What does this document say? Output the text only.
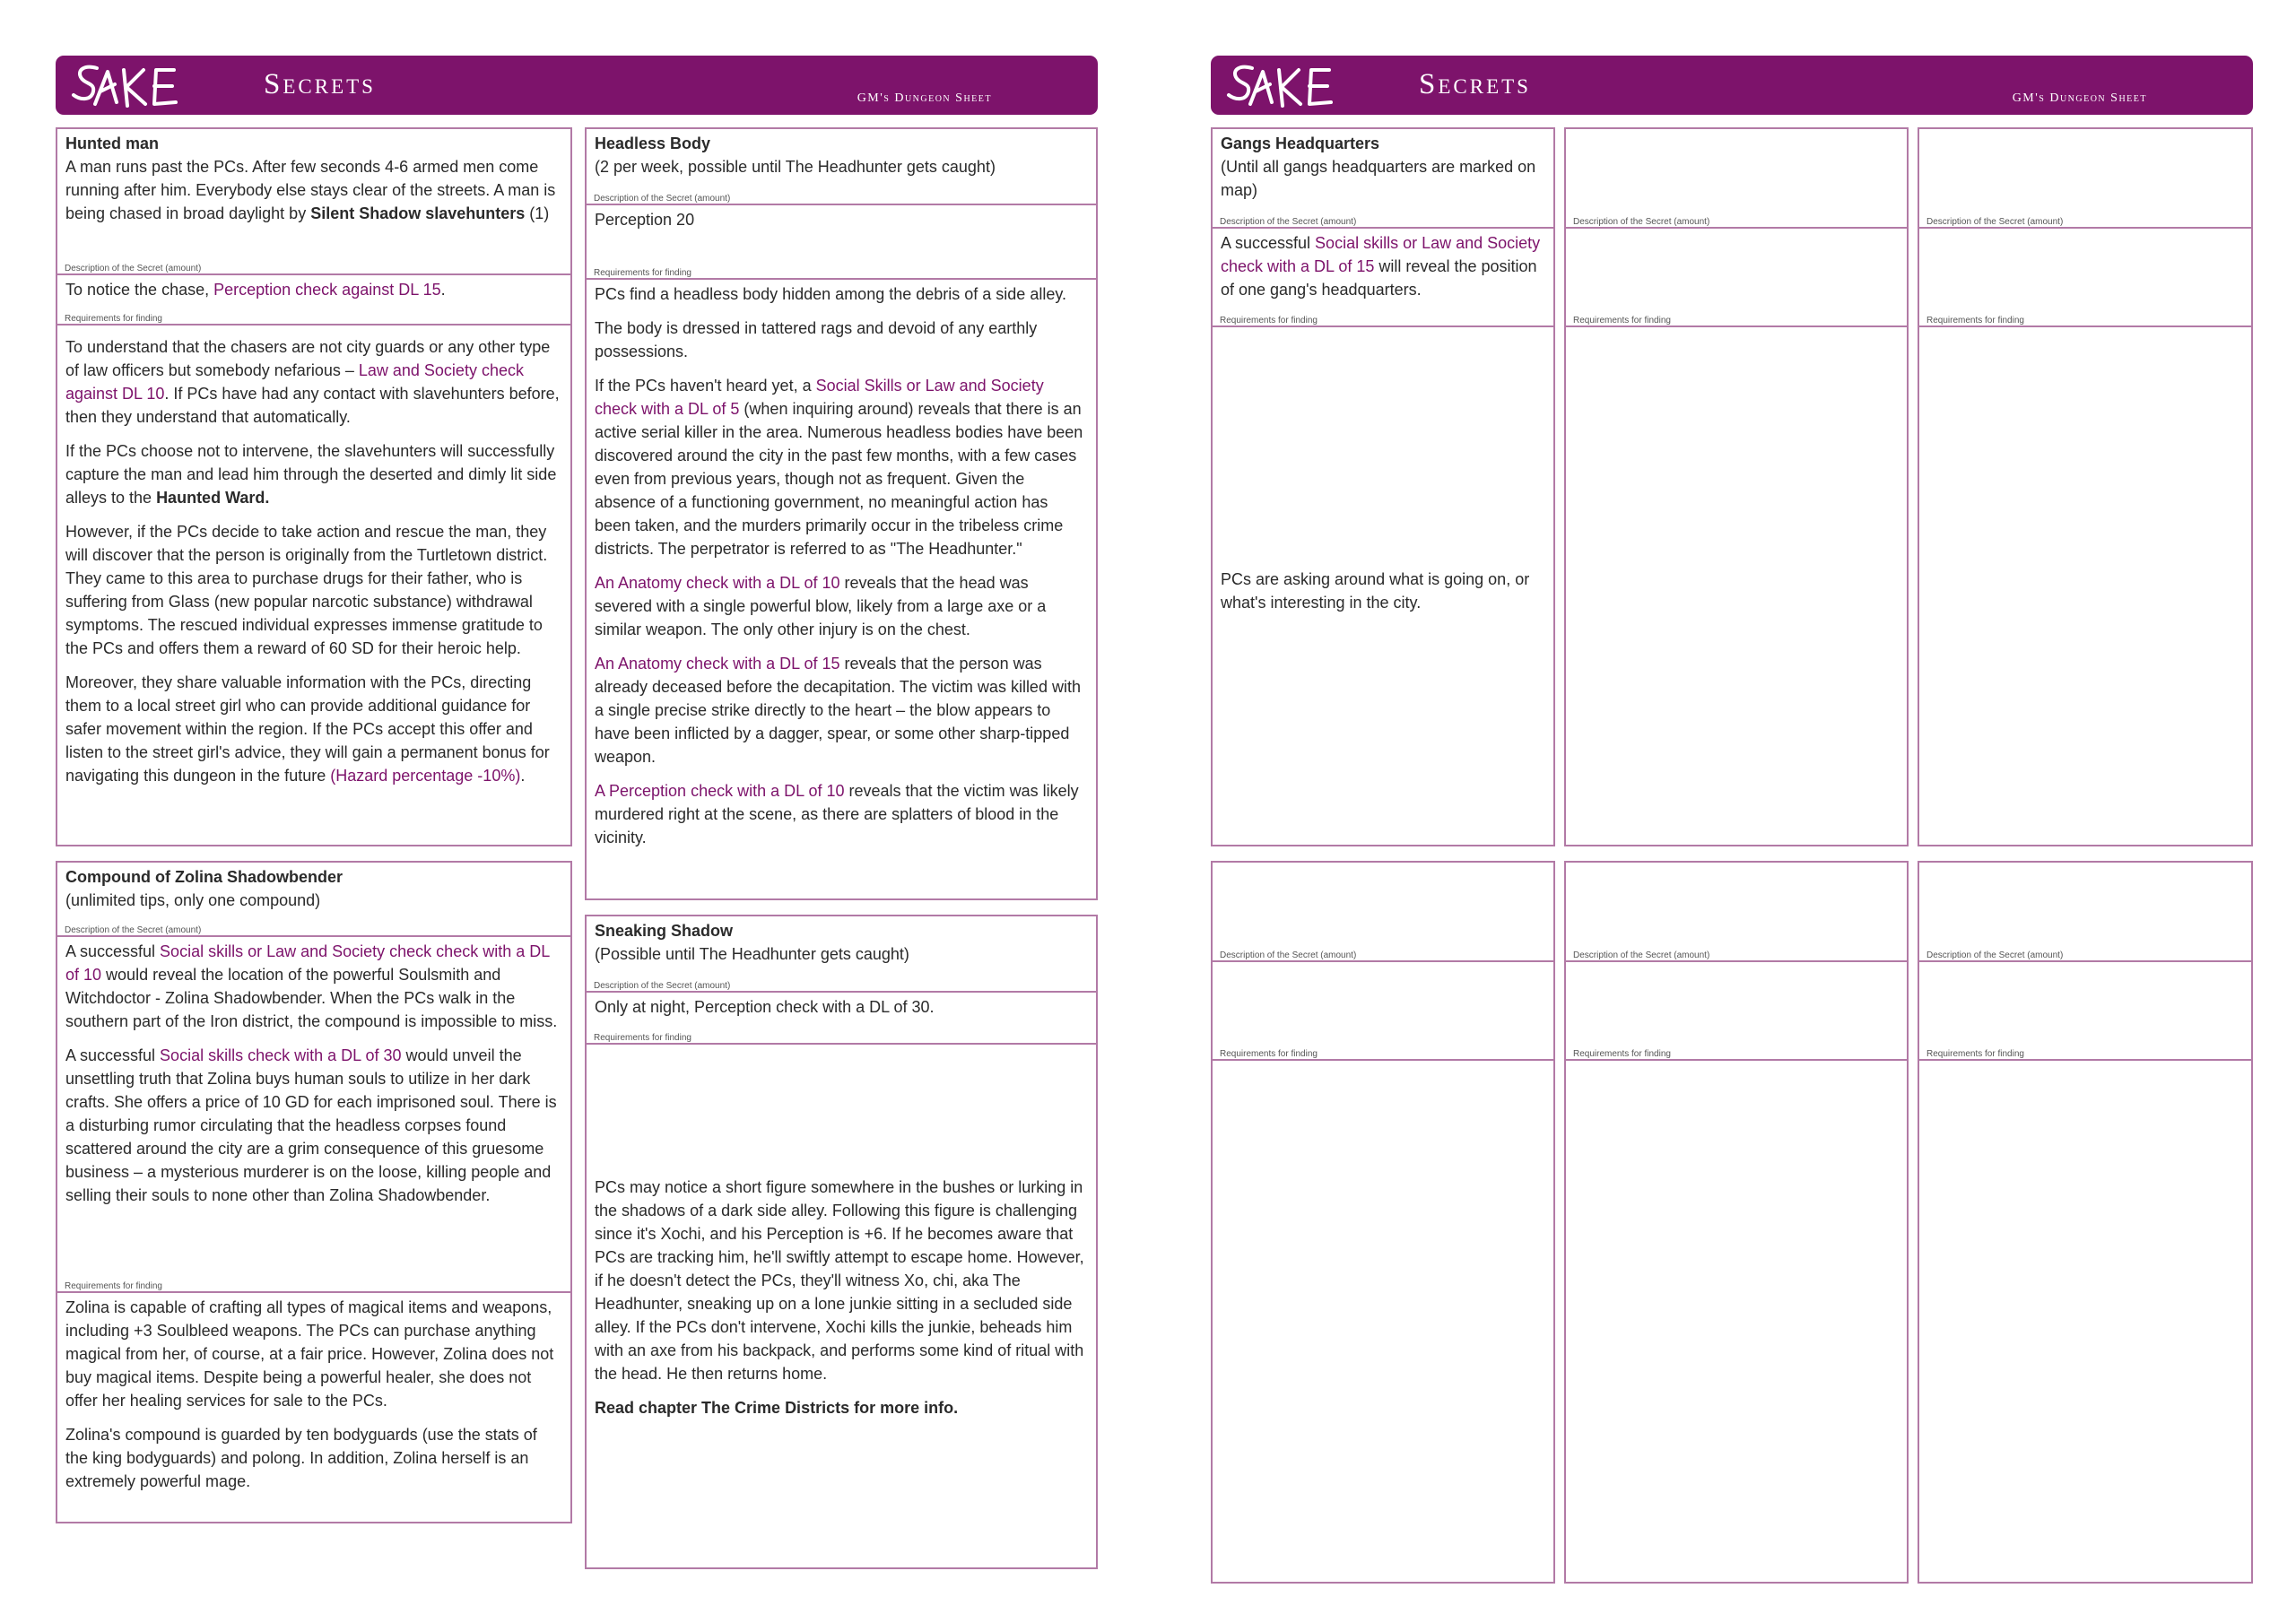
Secrets	GM's Dungeon Sheet
Hunted man
A man runs past the PCs. After few seconds 4-6 armed men come running after him. Everybody else stays clear of the streets. A man is being chased in broad daylight by Silent Shadow slavehunters (1)
Description of the Secret (amount)
To notice the chase, Perception check against DL 15.
Requirements for finding

To understand that the chasers are not city guards or any other type of law officers but somebody nefarious – Law and Society check against DL 10. If PCs have had any contact with slavehunters before, then they understand that automatically.

If the PCs choose not to intervene, the slavehunters will successfully capture the man and lead him through the deserted and dimly lit side alleys to the Haunted Ward.

However, if the PCs decide to take action and rescue the man, they will discover that the person is originally from the Turtletown district. They came to this area to purchase drugs for their father, who is suffering from Glass (new popular narcotic substance) withdrawal symptoms. The rescued individual expresses immense gratitude to the PCs and offers them a reward of 60 SD for their heroic help.

Moreover, they share valuable information with the PCs, directing them to a local street girl who can provide additional guidance for safer movement within the region. If the PCs accept this offer and listen to the street girl's advice, they will gain a permanent bonus for navigating this dungeon in the future (Hazard percentage -10%).

Compound of Zolina Shadowbender
(unlimited tips, only one compound)
Description of the Secret (amount)

A successful Social skills or Law and Society check check with a DL of 10 would reveal the location of the powerful Soulsmith and Witchdoctor - Zolina Shadowbender. When the PCs walk in the southern part of the Iron district, the compound is impossible to miss.

A successful Social skills check with a DL of 30 would unveil the unsettling truth that Zolina buys human souls to utilize in her dark crafts. She offers a price of 10 GD for each imprisoned soul. There is a disturbing rumor circulating that the headless corpses found scattered around the city are a grim consequence of this gruesome business – a mysterious murderer is on the loose, killing people and selling their souls to none other than Zolina Shadowbender.

Requirements for finding

Zolina is capable of crafting all types of magical items and weapons, including +3 Soulbleed weapons. The PCs can purchase anything magical from her, of course, at a fair price. However, Zolina does not buy magical items. Despite being a powerful healer, she does not offer her healing services for sale to the PCs.

Zolina's compound is guarded by ten bodyguards (use the stats of the king bodyguards) and polong. In addition, Zolina herself is an extremely powerful mage.

Headless Body
(2 per week, possible until The Headhunter gets caught)
Description of the Secret (amount)
Perception 20
Requirements for finding

PCs find a headless body hidden among the debris of a side alley.

The body is dressed in tattered rags and devoid of any earthly possessions.

If the PCs haven't heard yet, a Social Skills or Law and Society check with a DL of 5 (when inquiring around) reveals that there is an active serial killer in the area. Numerous headless bodies have been discovered around the city in the past few months, with a few cases even from previous years, though not as frequent. Given the absence of a functioning government, no meaningful action has been taken, and the murders primarily occur in the tribeless crime districts. The perpetrator is referred to as "The Headhunter."

An Anatomy check with a DL of 10 reveals that the head was severed with a single powerful blow, likely from a large axe or a similar weapon. The only other injury is on the chest.

An Anatomy check with a DL of 15 reveals that the person was already deceased before the decapitation. The victim was killed with a single precise strike directly to the heart – the blow appears to have been inflicted by a dagger, spear, or some other sharp-tipped weapon.

A Perception check with a DL of 10 reveals that the victim was likely murdered right at the scene, as there are splatters of blood in the vicinity.

Sneaking Shadow
(Possible until The Headhunter gets caught)
Description of the Secret (amount)
Only at night, Perception check with a DL of 30.
Requirements for finding

PCs may notice a short figure somewhere in the bushes or lurking in the shadows of a dark side alley. Following this figure is challenging since it's Xochi, and his Perception is +6. If he becomes aware that PCs are tracking him, he'll swiftly attempt to escape home. However, if he doesn't detect the PCs, they'll witness Xo, chi, aka The Headhunter, sneaking up on a lone junkie sitting in a secluded side alley. If the PCs don't intervene, Xochi kills the junkie, beheads him with an axe from his backpack, and performs some kind of ritual with the head. He then returns home.

Read chapter The Crime Districts for more info.

Secrets	GM's Dungeon Sheet
Gangs Headquarters
(Until all gangs headquarters are marked on map)
Description of the Secret (amount)
A successful Social skills or Law and Society check with a DL of 15 will reveal the position of one gang's headquarters.
Requirements for finding

PCs are asking around what is going on, or what's interesting in the city.

Description of the Secret (amount)
Requirements for finding
Description of the Secret (amount)
Requirements for finding
Description of the Secret (amount)
Requirements for finding
Description of the Secret (amount)
Requirements for finding
Description of the Secret (amount)
Requirements for finding
